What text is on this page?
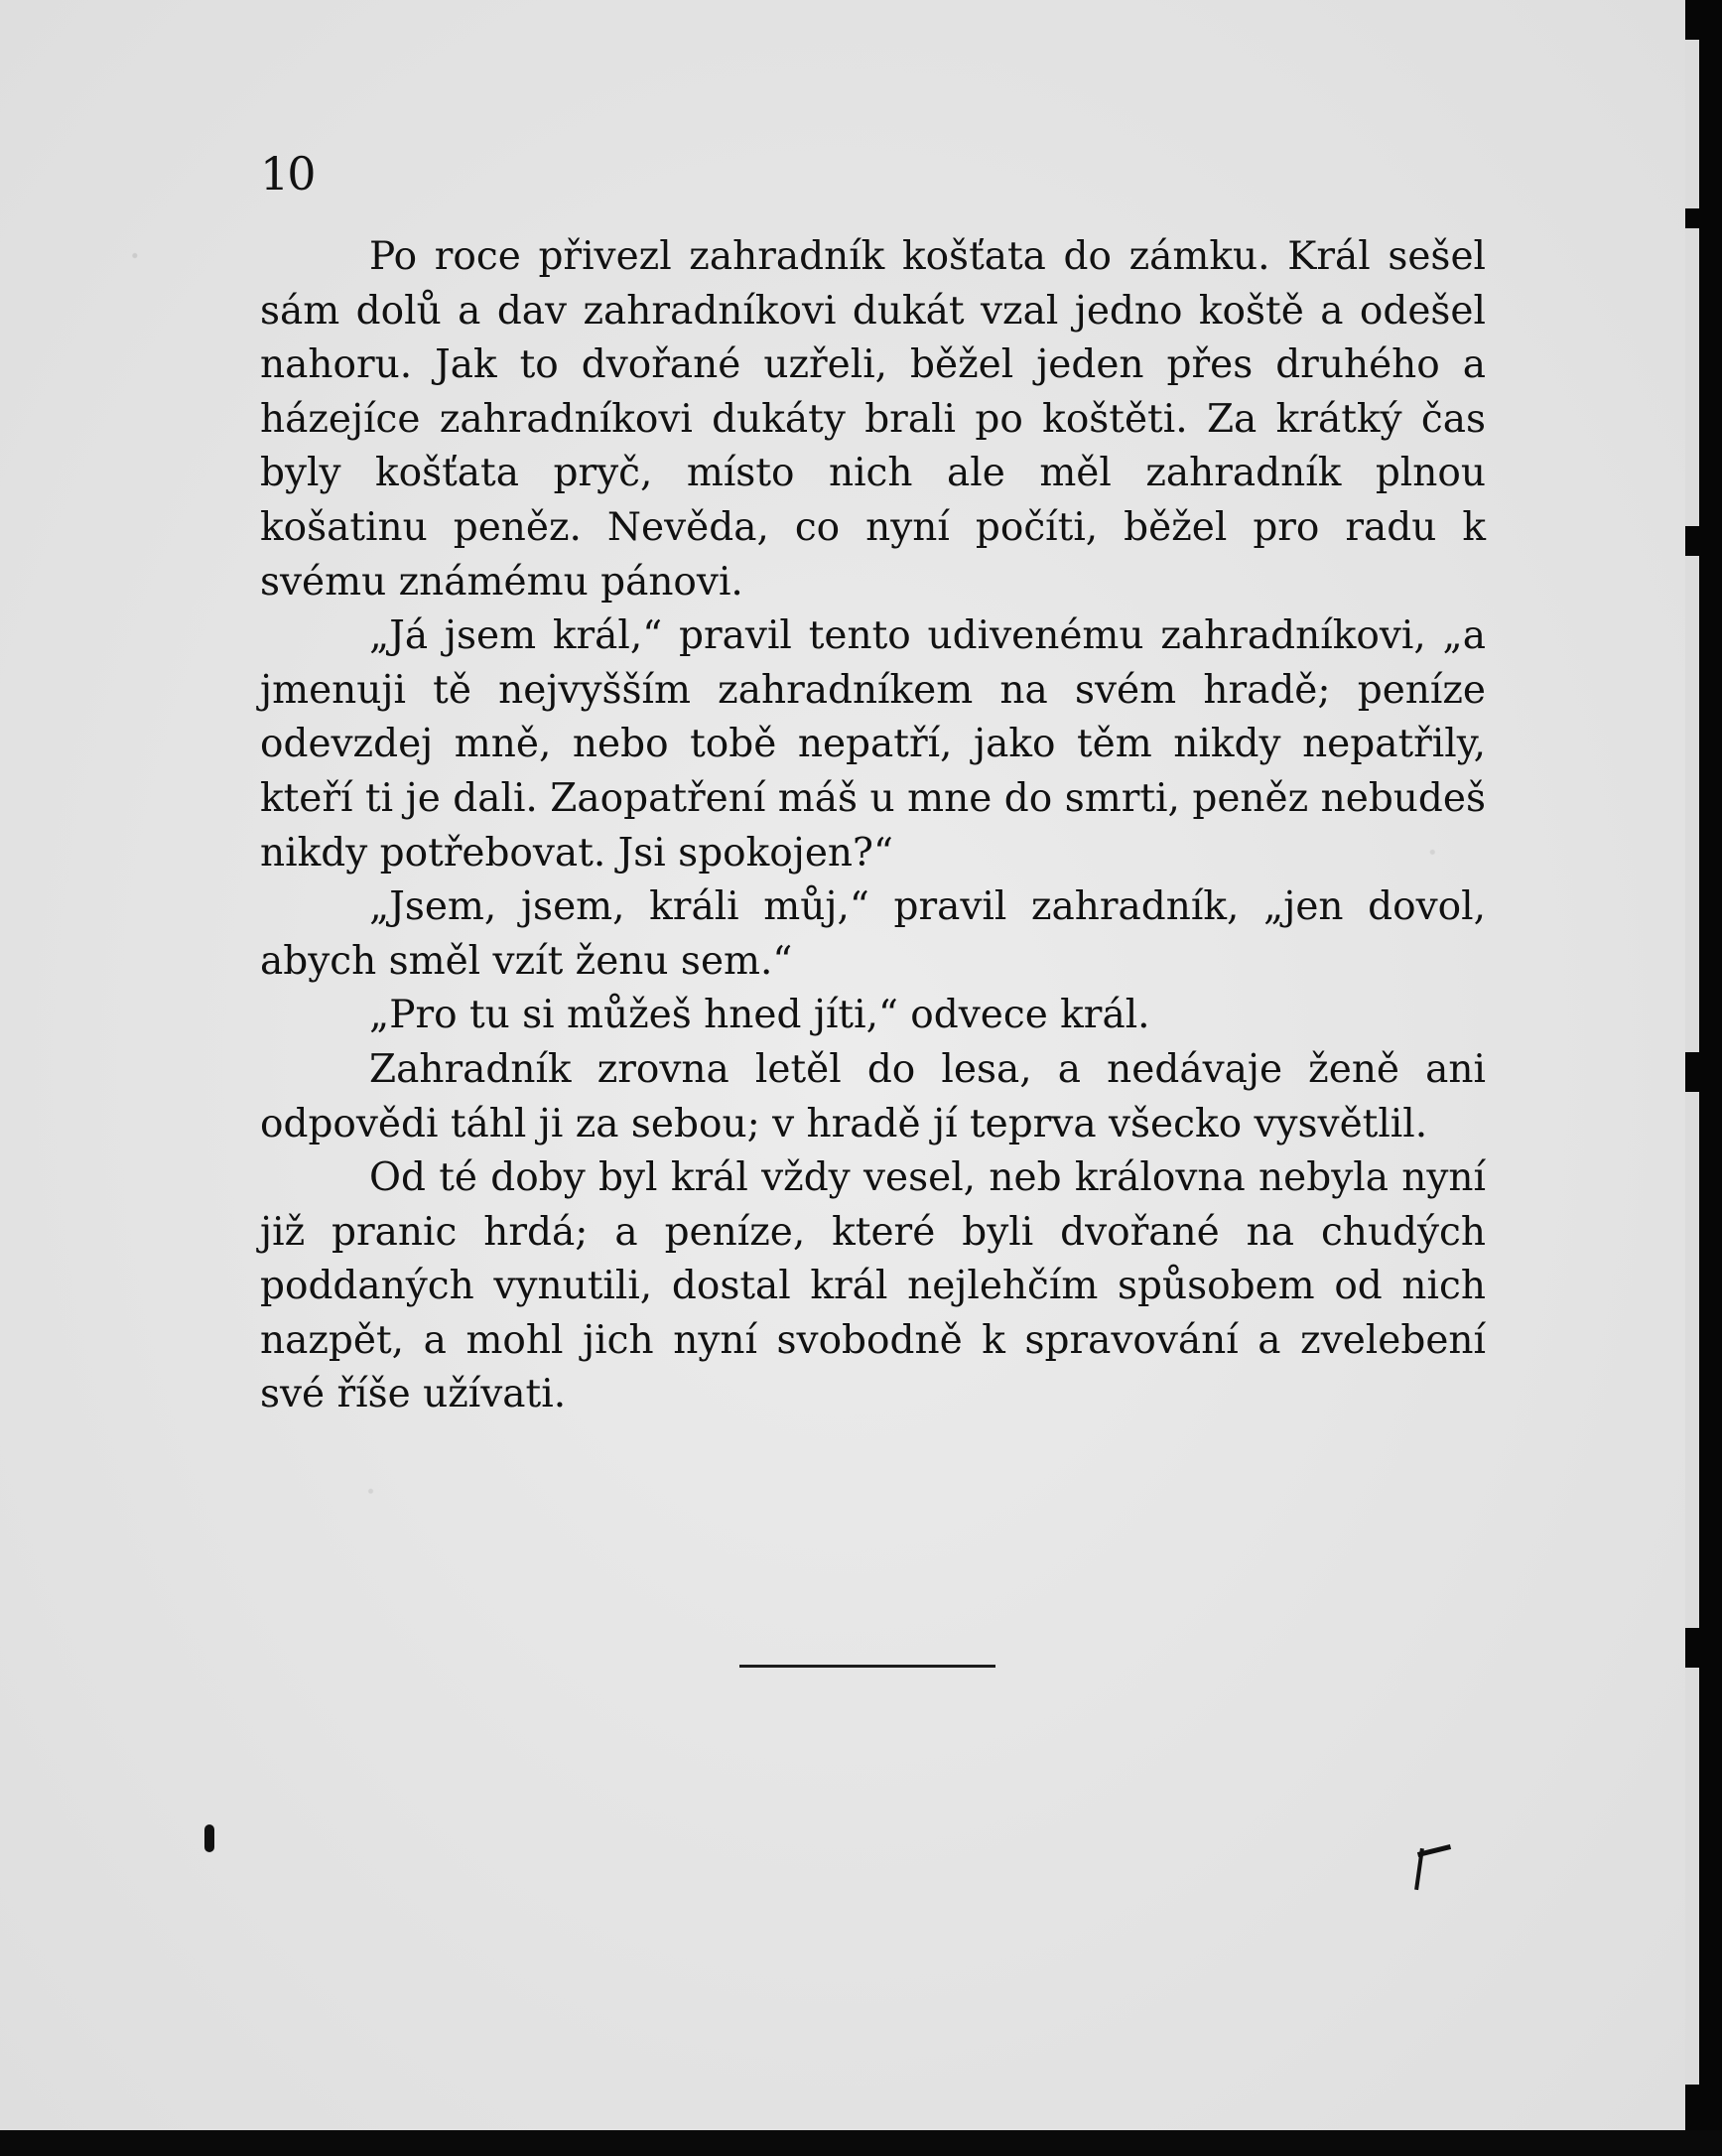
10

Po roce přivezl zahradník košťata do zámku. Král sešel sám dolů a dav zahradníkovi dukát vzal jedno koště a odešel nahoru. Jak to dvořané uzřeli, běžel jeden přes druhého a házejíce zahradníkovi dukáty brali po koštěti. Za krátký čas byly košťata pryč, místo nich ale měl zahradník plnou košatinu peněz. Nevěda, co nyní počíti, běžel pro radu k svému známému pánovi.

„Já jsem král,“ pravil tento udivenému zahradníkovi, „a jmenuji tě nejvyšším zahradníkem na svém hradě; peníze odevzdej mně, nebo tobě nepatří, jako těm nikdy nepatřily, kteří ti je dali. Zaopatření máš u mne do smrti, peněz nebudeš nikdy potřebovat. Jsi spokojen?“

„Jsem, jsem, králi můj,“ pravil zahradník, „jen dovol, abych směl vzít ženu sem.“

„Pro tu si můžeš hned jíti,“ odvece král.

Zahradník zrovna letěl do lesa, a nedávaje ženě ani odpovědi táhl ji za sebou; v hradě jí teprva všecko vysvětlil.

Od té doby byl král vždy vesel, neb královna nebyla nyní již pranic hrdá; a peníze, které byli dvořané na chudých poddaných vynutili, dostal král nejlehčím spůsobem od nich nazpět, a mohl jich nyní svobodně k spravování a zvelebení své říše užívati.
